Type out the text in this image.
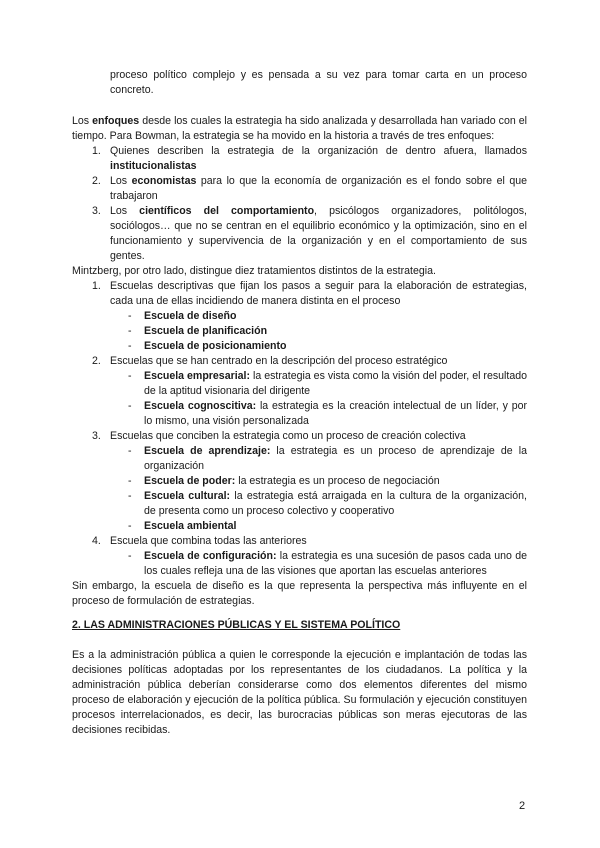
proceso político complejo y es pensada a su vez para tomar carta en un proceso concreto.

Los enfoques desde los cuales la estrategia ha sido analizada y desarrollada han variado con el tiempo. Para Bowman, la estrategia se ha movido en la historia a través de tres enfoques:

1. Quienes describen la estrategia de la organización de dentro afuera, llamados institucionalistas
2. Los economistas para lo que la economía de organización es el fondo sobre el que trabajaron
3. Los científicos del comportamiento, psicólogos organizadores, politólogos, sociólogos… que no se centran en el equilibrio económico y la optimización, sino en el funcionamiento y supervivencia de la organización y en el comportamiento de sus gentes.

Mintzberg, por otro lado, distingue diez tratamientos distintos de la estrategia.

1. Escuelas descriptivas que fijan los pasos a seguir para la elaboración de estrategias, cada una de ellas incidiendo de manera distinta en el proceso
- Escuela de diseño
- Escuela de planificación
- Escuela de posicionamiento
2. Escuelas que se han centrado en la descripción del proceso estratégico
- Escuela empresarial: la estrategia es vista como la visión del poder, el resultado de la aptitud visionaria del dirigente
- Escuela cognoscitiva: la estrategia es la creación intelectual de un líder, y por lo mismo, una visión personalizada
3. Escuelas que conciben la estrategia como un proceso de creación colectiva
- Escuela de aprendizaje: la estrategia es un proceso de aprendizaje de la organización
- Escuela de poder: la estrategia es un proceso de negociación
- Escuela cultural: la estrategia está arraigada en la cultura de la organización, de presenta como un proceso colectivo y cooperativo
- Escuela ambiental
4. Escuela que combina todas las anteriores
- Escuela de configuración: la estrategia es una sucesión de pasos cada uno de los cuales refleja una de las visiones que aportan las escuelas anteriores

Sin embargo, la escuela de diseño es la que representa la perspectiva más influyente en el proceso de formulación de estrategias.

2. LAS ADMINISTRACIONES PÚBLICAS Y EL SISTEMA POLÍTICO

Es a la administración pública a quien le corresponde la ejecución e implantación de todas las decisiones políticas adoptadas por los representantes de los ciudadanos. La política y la administración pública deberían considerarse como dos elementos diferentes del mismo proceso de elaboración y ejecución de la política pública. Su formulación y ejecución constituyen procesos interrelacionados, es decir, las burocracias públicas son meras ejecutoras de las decisiones recibidas.

2
